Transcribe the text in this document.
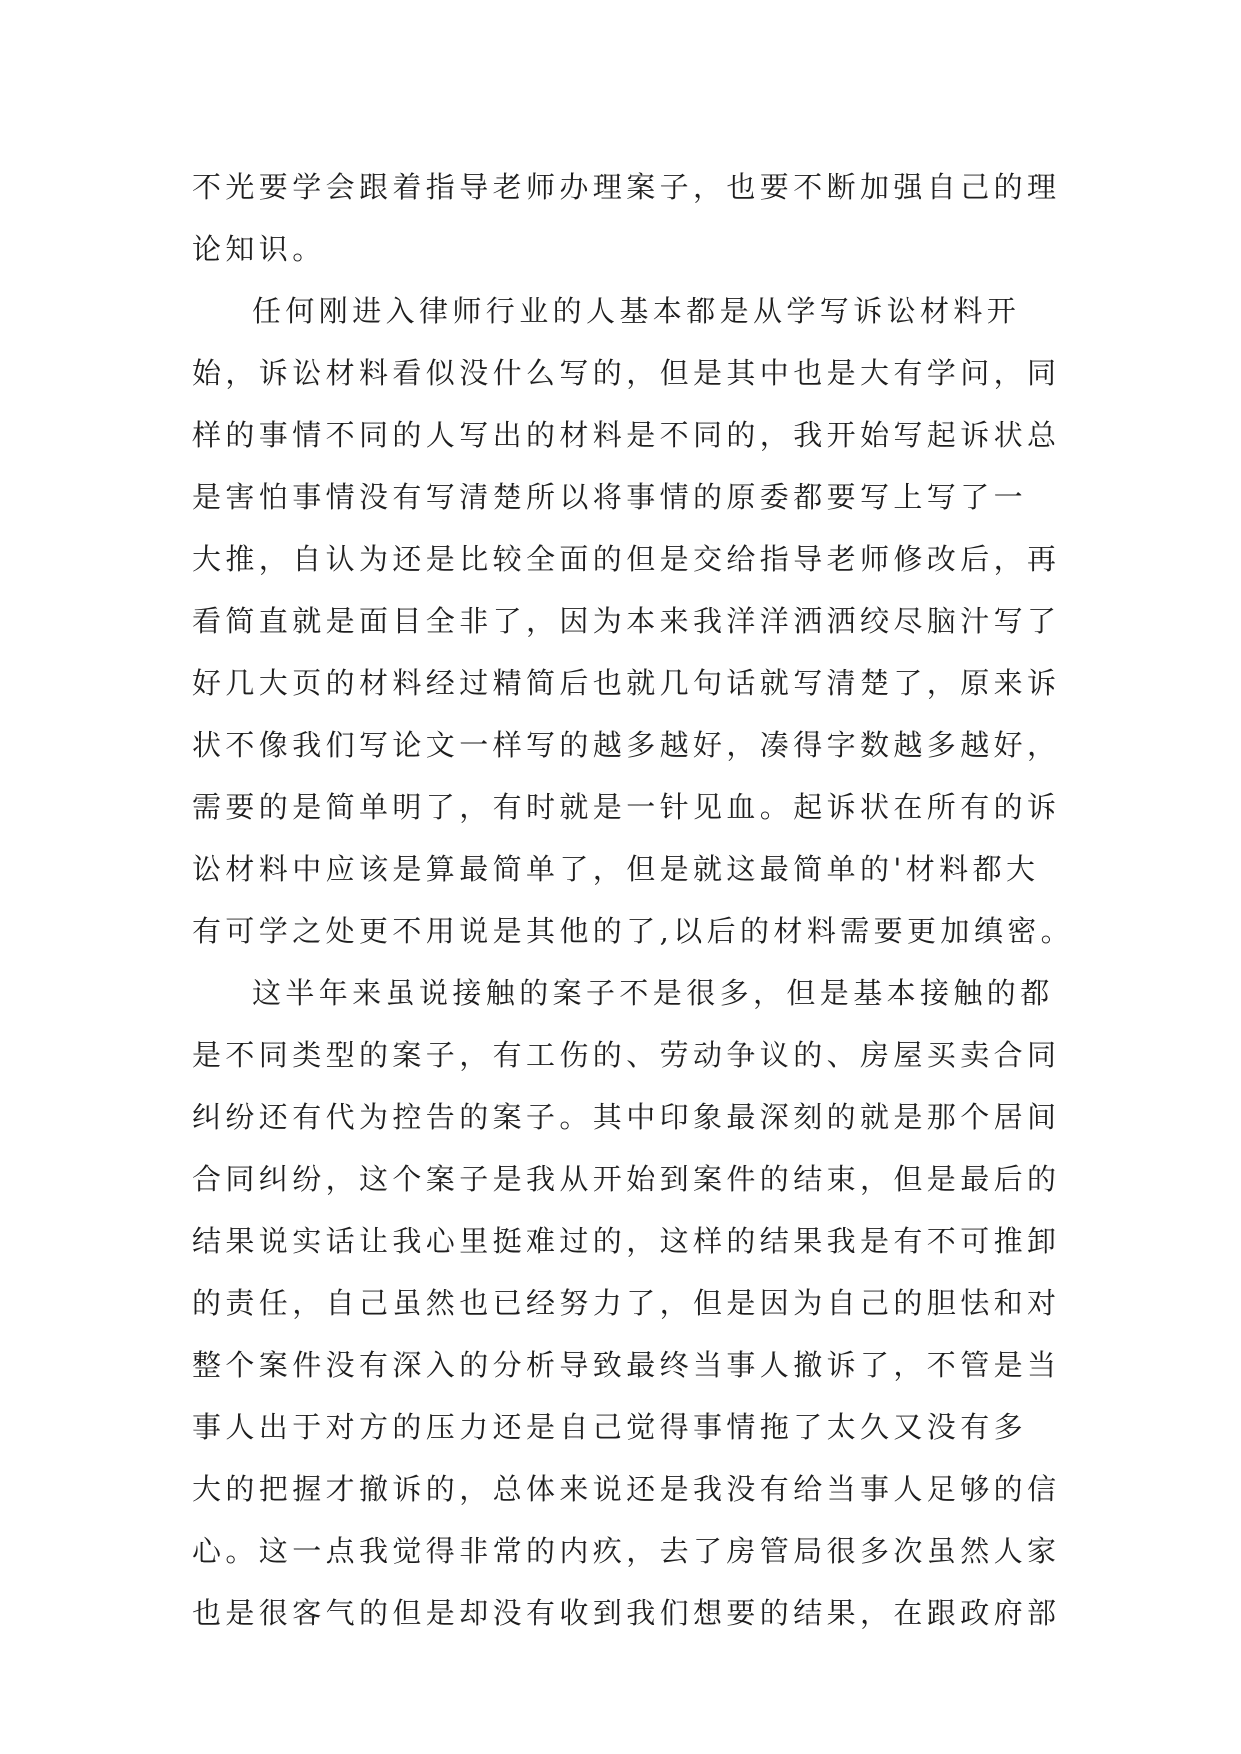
不光要学会跟着指导老师办理案子，也要不断加强自己的理
论知识。
任何刚进入律师行业的人基本都是从学写诉讼材料开
始，诉讼材料看似没什么写的，但是其中也是大有学问，同
样的事情不同的人写出的材料是不同的，我开始写起诉状总
是害怕事情没有写清楚所以将事情的原委都要写上写了一
大推，自认为还是比较全面的但是交给指导老师修改后，再
看简直就是面目全非了，因为本来我洋洋洒洒绞尽脑汁写了
好几大页的材料经过精简后也就几句话就写清楚了，原来诉
状不像我们写论文一样写的越多越好，凑得字数越多越好，
需要的是简单明了，有时就是一针见血。起诉状在所有的诉
讼材料中应该是算最简单了，但是就这最简单的'材料都大
有可学之处更不用说是其他的了,以后的材料需要更加缜密。
这半年来虽说接触的案子不是很多，但是基本接触的都
是不同类型的案子，有工伤的、劳动争议的、房屋买卖合同
纠纷还有代为控告的案子。其中印象最深刻的就是那个居间
合同纠纷，这个案子是我从开始到案件的结束，但是最后的
结果说实话让我心里挺难过的，这样的结果我是有不可推卸
的责任，自己虽然也已经努力了，但是因为自己的胆怯和对
整个案件没有深入的分析导致最终当事人撤诉了，不管是当
事人出于对方的压力还是自己觉得事情拖了太久又没有多
大的把握才撤诉的，总体来说还是我没有给当事人足够的信
心。这一点我觉得非常的内疚，去了房管局很多次虽然人家
也是很客气的但是却没有收到我们想要的结果，在跟政府部
